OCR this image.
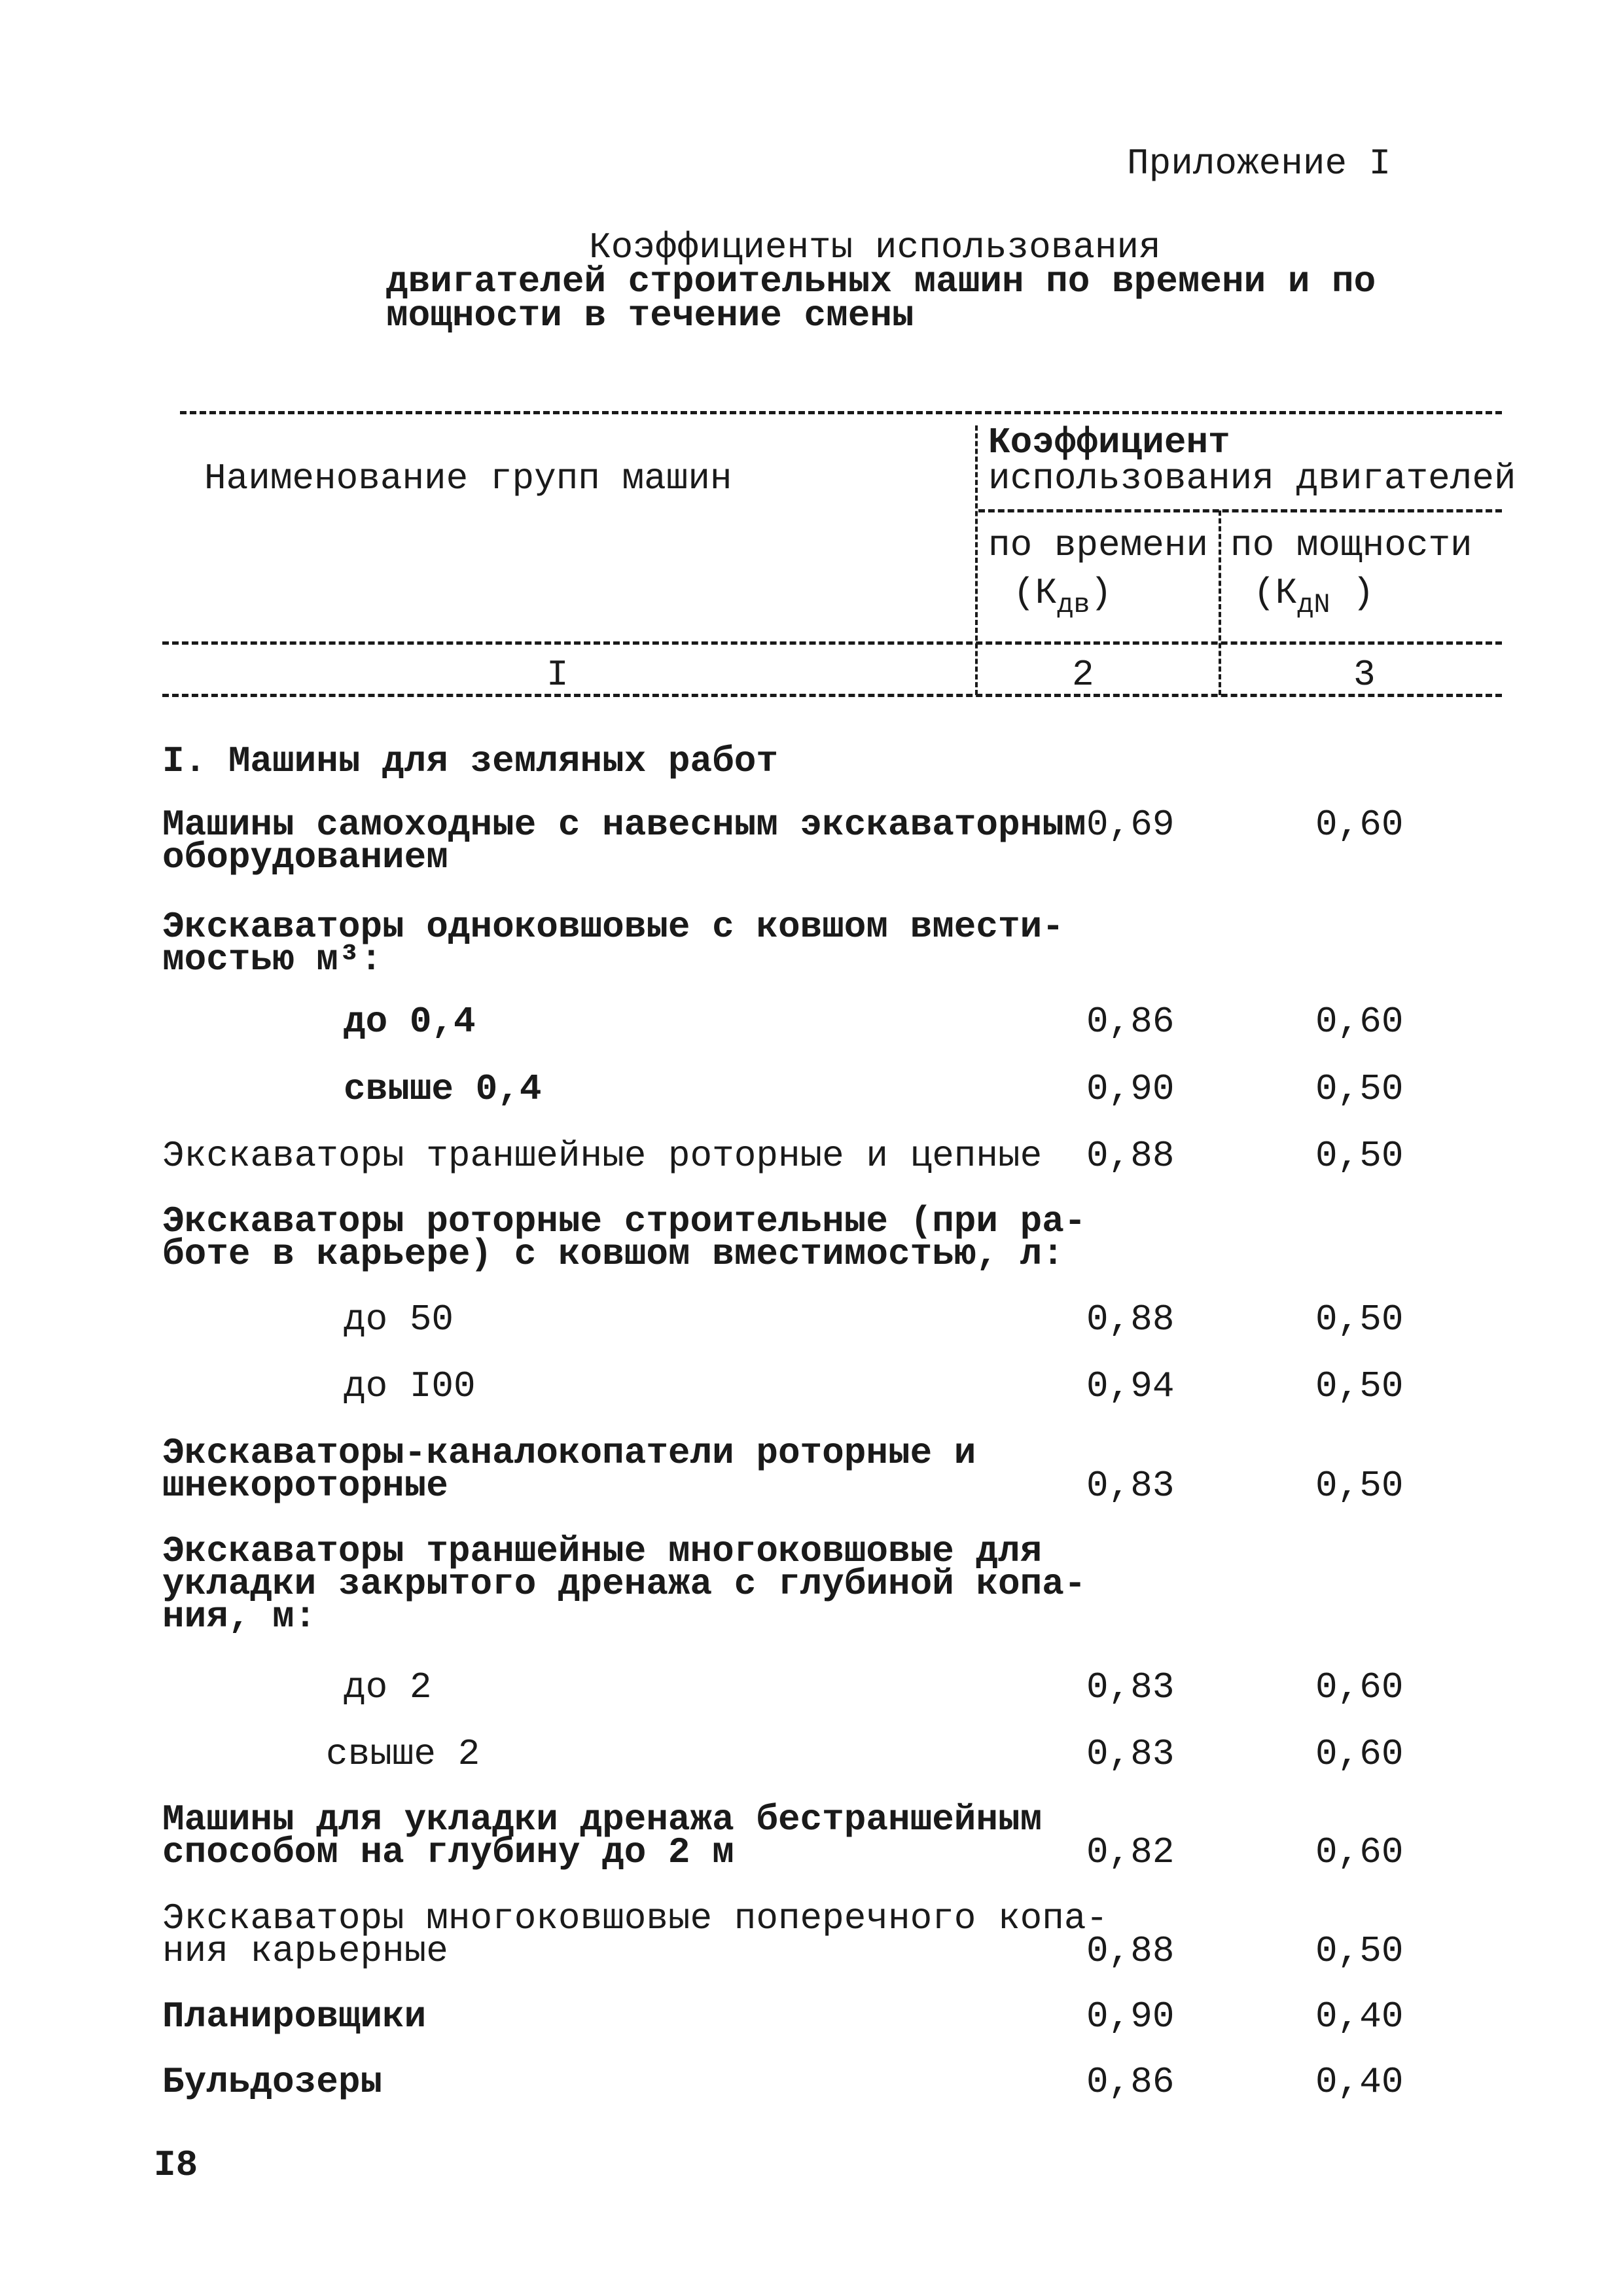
Приложение I
Коэффициенты использования
двигателей строительных машин по времени и по
мощности в течение смены
Наименование групп машин
Коэффициент
использования двигателей
по времени
$(К_{дв})$
по мощности
($К_{дN}$ )
I	2	3
I. Машины для земляных работ
Машины самоходные с навесным экскаваторным
оборудованием
0,69	0,60
Экскаваторы одноковшовые с ковшом вмести-
мостью м³:
до 0,4	0,86	0,60
свыше 0,4	0,90	0,50
Экскаваторы траншейные роторные и цепные 0,88	0,50
Экскаваторы роторные строительные (при ра-
боте в карьере) с ковшом вместимостью, л:
до 50	0,88	0,50
до I00	0,94	0,50
Экскаваторы-каналокопатели роторные и
шнекороторные	0,83	0,50
Экскаваторы траншейные многоковшовые для
укладки закрытого дренажа с глубиной копа-
ния, м:
до 2	0,83	0,60
свыше 2	0,83	0,60
Машины для укладки дренажа бестраншейным
способом на глубину до 2 м	0,82	0,60
Экскаваторы многоковшовые поперечного копа-
ния карьерные	0,88	0,50
Планировщики	0,90	0,40
Бульдозеры	0,86	0,40
I8
